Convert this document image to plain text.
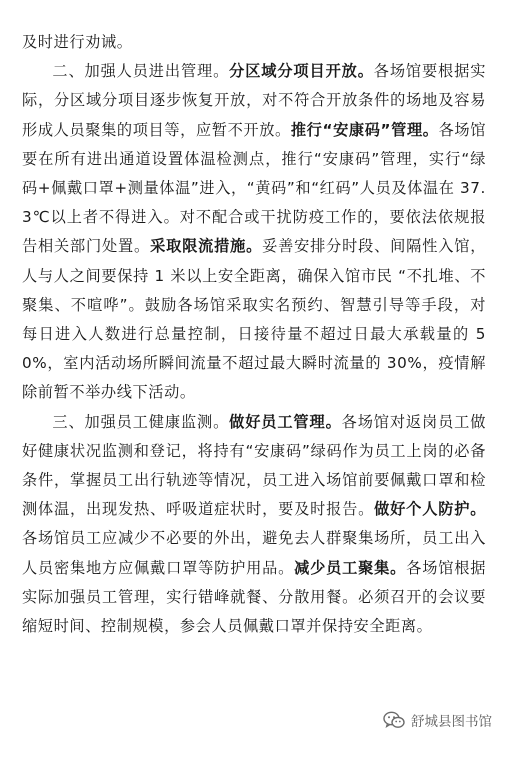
及时进行劝诫。

二、加强人员进出管理。分区域分项目开放。各场馆要根据实际，分区域分项目逐步恢复开放，对不符合开放条件的场地及容易形成人员聚集的项目等，应暂不开放。推行“安康码”管理。各场馆要在所有进出通道设置体温检测点，推行“安康码”管理，实行“绿码+佩戴口罩+测量体温”进入，“黄码”和“红码”人员及体温在 37.3℃以上者不得进入。对不配合或干扰防疫工作的，要依法依规报告相关部门处置。采取限流措施。妥善安排分时段、间隔性入馆，人与人之间要保持 1 米以上安全距离，确保入馆市民 “不扎堆、不聚集、不喧哗”。鼓励各场馆采取实名预约、智慧引导等手段，对每日进入人数进行总量控制，日接待量不超过日最大承载量的 50%，室内活动场所瞬间流量不超过最大瞬时流量的 30%，疫情解除前暂不举办线下活动。

三、加强员工健康监测。做好员工管理。各场馆对返岗员工做好健康状况监测和登记，将持有“安康码”绿码作为员工上岗的必备条件，掌握员工出行轨迹等情况，员工进入场馆前要佩戴口罩和检测体温，出现发热、呼吸道症状时，要及时报告。做好个人防护。各场馆员工应减少不必要的外出，避免去人群聚集场所，员工出入人员密集地方应佩戴口罩等防护用品。减少员工聚集。各场馆根据实际加强员工管理，实行错峰就餐、分散用餐。必须召开的会议要缩短时间、控制规模，参会人员佩戴口罩并保持安全距离。

舒城县图书馆
